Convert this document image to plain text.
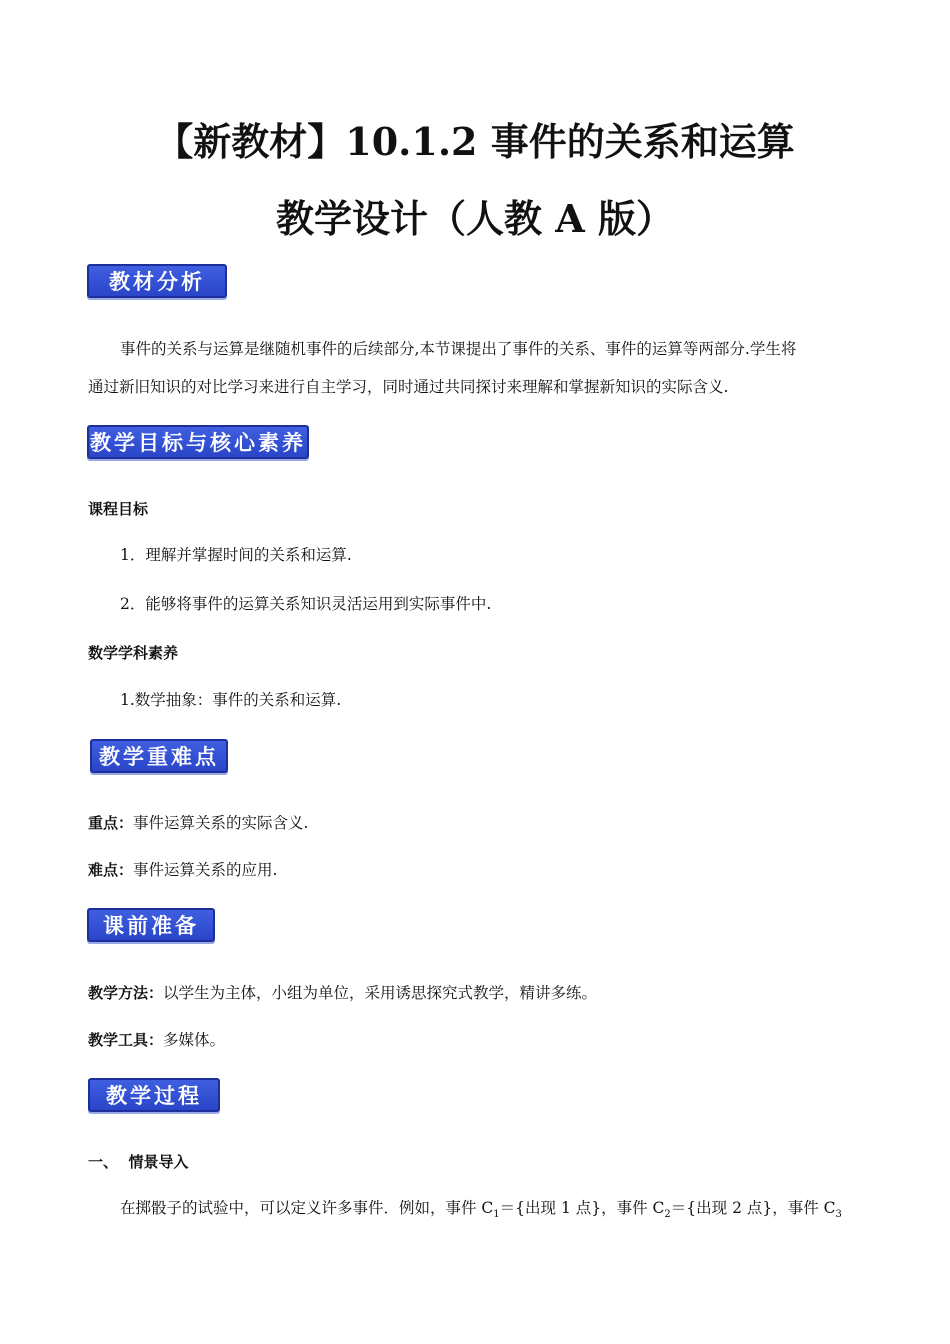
【新教材】10.1.2 事件的关系和运算
教学设计（人教 A 版）
教材分析
事件的关系与运算是继随机事件的后续部分,本节课提出了事件的关系、事件的运算等两部分.学生将
通过新旧知识的对比学习来进行自主学习，同时通过共同探讨来理解和掌握新知识的实际含义.
教学目标与核心素养
课程目标
1．理解并掌握时间的关系和运算.
2．能够将事件的运算关系知识灵活运用到实际事件中.
数学学科素养
1.数学抽象：事件的关系和运算.
教学重难点
重点：事件运算关系的实际含义.
难点：事件运算关系的应用.
课前准备
教学方法：以学生为主体，小组为单位，采用诱思探究式教学，精讲多练。
教学工具：多媒体。
教学过程
一、  情景导入
在掷骰子的试验中，可以定义许多事件．例如，事件 $C_1=${出现 1 点}，事件 $C_2=${出现 2 点}，事件 $C_3$
